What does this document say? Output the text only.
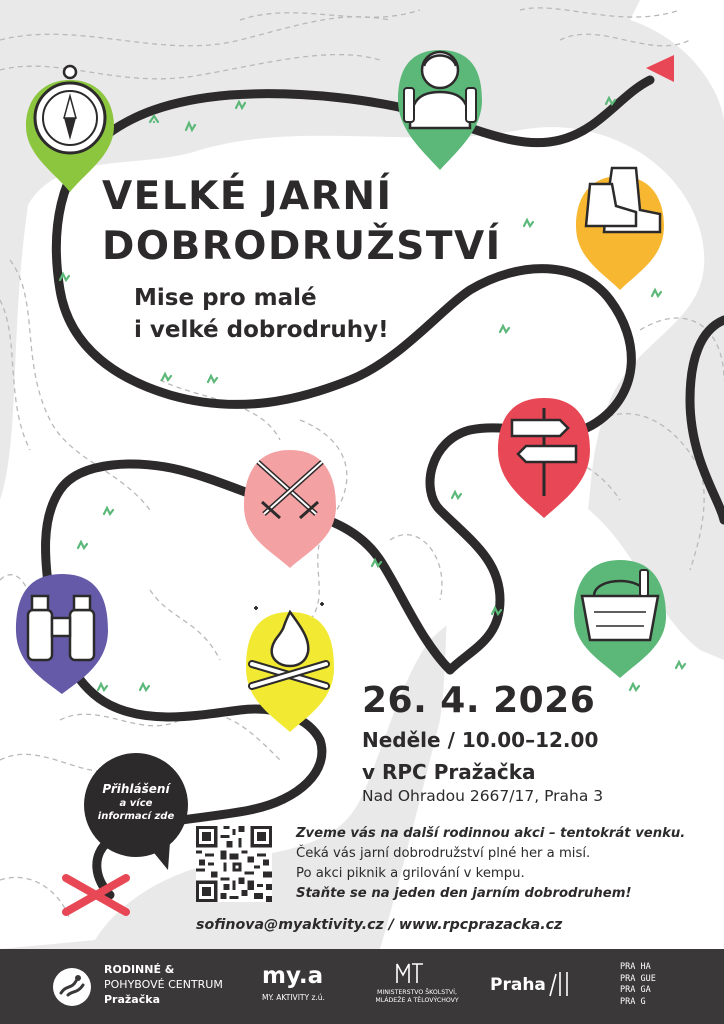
VELKÉ JARNÍ
DOBRODRUŽSTVÍ
Mise pro malé
i velké dobrodruhy!
26. 4. 2026
Neděle / 10.00–12.00
v RPC Pražačka
Nad Ohradou 2667/17, Praha 3
Přihlášení
a více
informací zde
Zveme vás na další rodinnou akci – tentokrát venku.
Čeká vás jarní dobrodružství plné her a misí.
Po akci piknik a grilování v kempu.
Staňte se na jeden den jarním dobrodruhem!
sofinova@myaktivity.cz / www.rpcprazacka.cz
RODINNÉ &
POHYBOVÉ CENTRUM
Pražačka
my.a
MY. AKTIVITY z.ú.
MINISTERSTVO ŠKOLSTVÍ,
MLÁDEŽE A TĚLOVÝCHOVY
Praha
PRA HA
PRA GUE
PRA GA
PRA G
